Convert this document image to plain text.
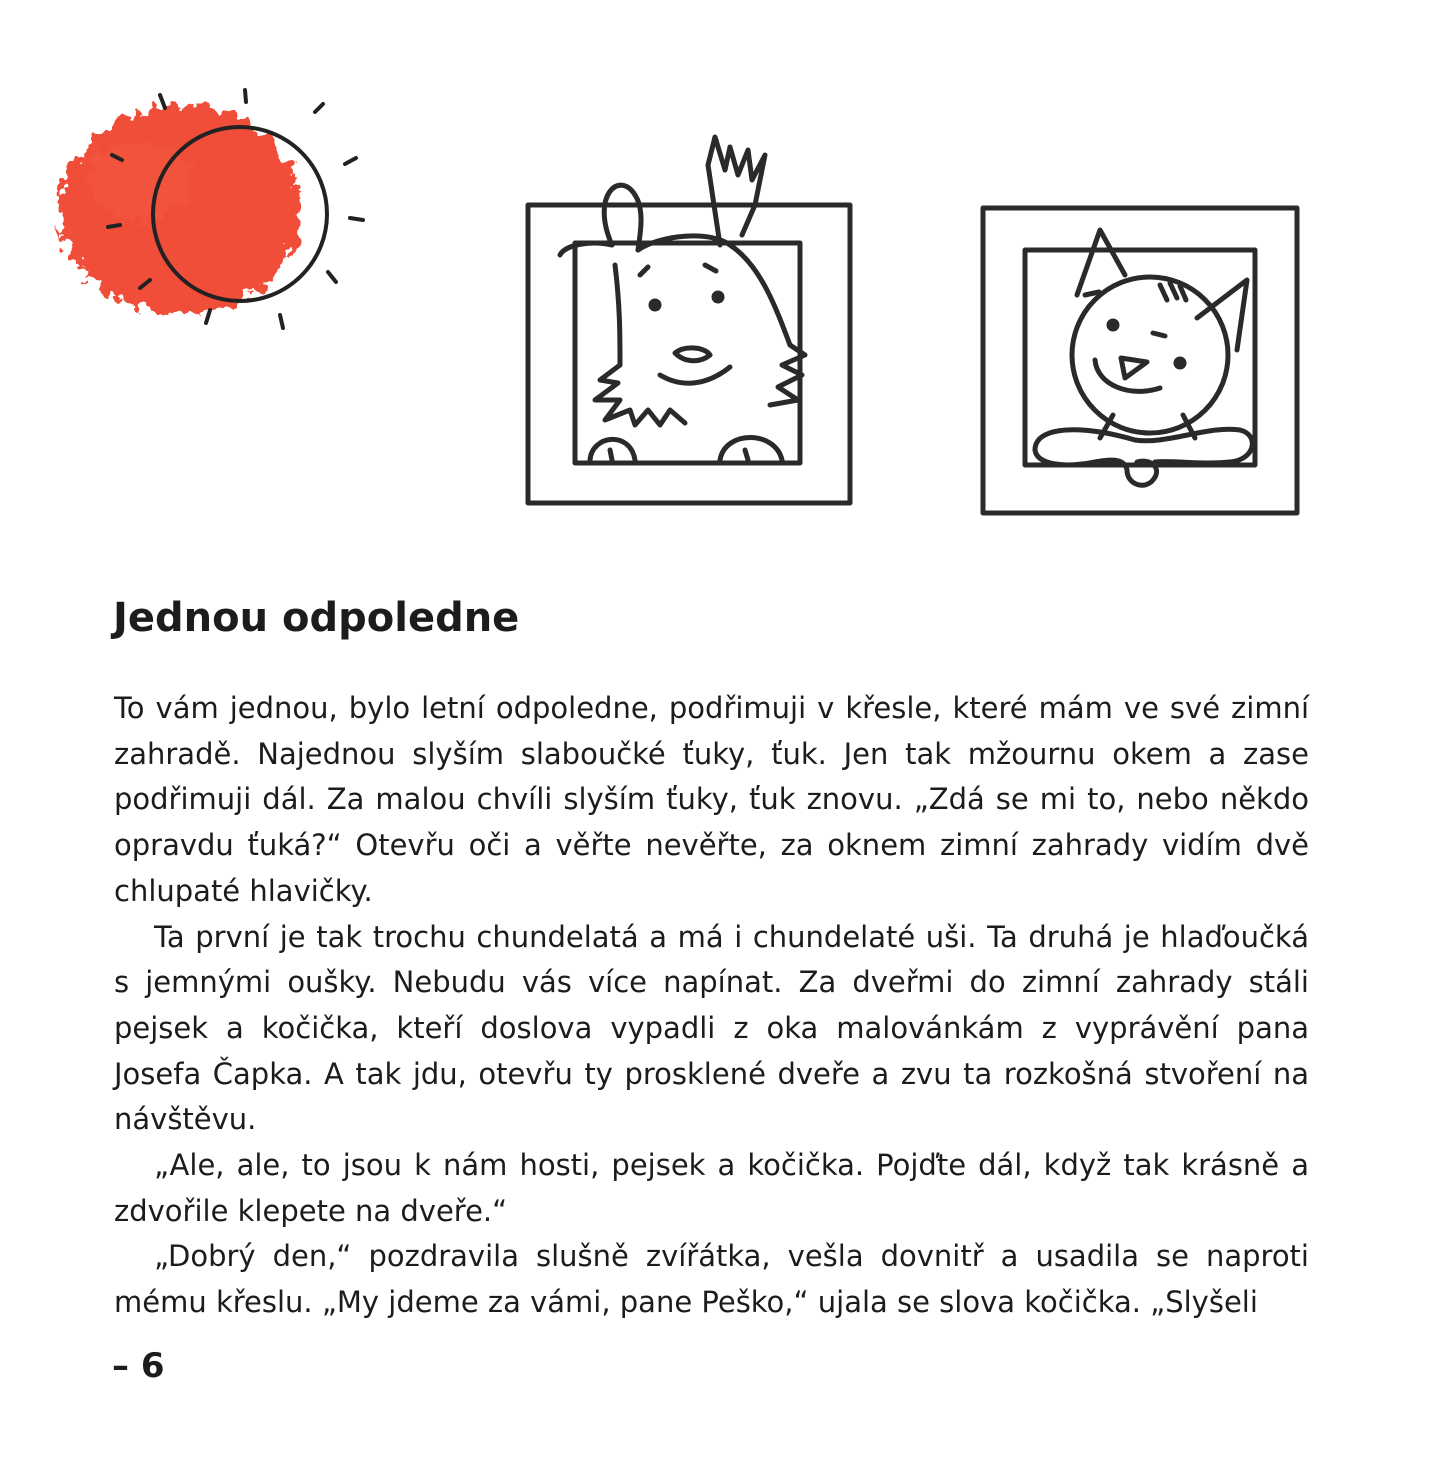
Jednou odpoledne

To vám jednou, bylo letní odpoledne, podřimuji v křesle, které mám ve své zimní zahradě. Najednou slyším slaboučké ťuky, ťuk. Jen tak mžournu okem a zase podřimuji dál. Za malou chvíli slyším ťuky, ťuk znovu. „Zdá se mi to, nebo někdo opravdu ťuká?“ Otevřu oči a věřte nevěřte, za oknem zimní zahrady vidím dvě chlupaté hlavičky.

Ta první je tak trochu chundelatá a má i chundelaté uši. Ta druhá je hlaďoučká s jemnými oušky. Nebudu vás více napínat. Za dveřmi do zimní zahrady stáli pejsek a kočička, kteří doslova vypadli z oka malovánkám z vyprávění pana Josefa Čapka. A tak jdu, otevřu ty prosklené dveře a zvu ta rozkošná stvoření na návštěvu.

„Ale, ale, to jsou k nám hosti, pejsek a kočička. Pojďte dál, když tak krásně a zdvořile klepete na dveře.“

„Dobrý den,“ pozdravila slušně zvířátka, vešla dovnitř a usadila se naproti mému křeslu. „My jdeme za vámi, pane Peško,“ ujala se slova kočička. „Slyšeli

– 6
